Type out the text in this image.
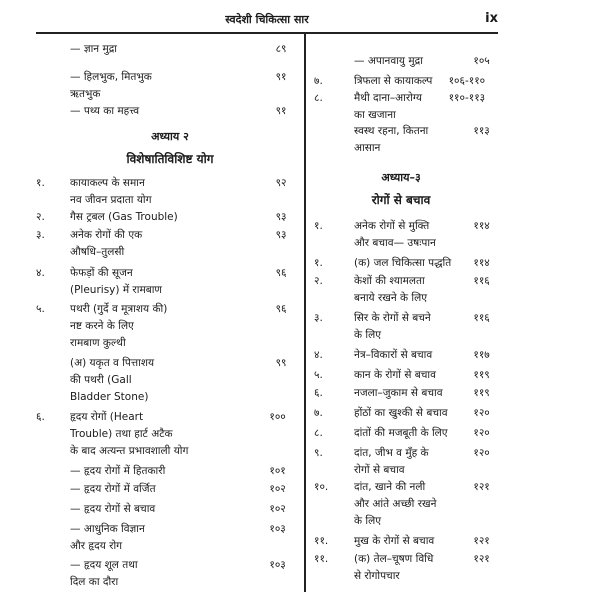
स्वदेशी चिकित्सा सार	ix
— ज्ञान मुद्रा	८९
— हिलभुक, मितभुक
ऋतभुक
९१
— पथ्य का महत्त्व	९१
१. कायाकल्प के समान
नव जीवन प्रदाता योग
९२
२. गैस ट्रबल (Gas Trouble)	९३
३. अनेक रोगों की एक
औषधि–तुलसी
९३
४. फेफड़ों की सूजन
(Pleurisy) में रामबाण
९६
५. पथरी (गुर्दे व मूत्राशय की)
नष्ट करने के लिए
रामबाण कुल्थी
९६
(अ) यकृत व पित्ताशय
की पथरी (Gall
Bladder Stone)
९९
६. हृदय रोगों (Heart
Trouble) तथा हार्ट अटैक
के बाद अत्यन्त प्रभावशाली योग
१००
— हृदय रोगों में हितकारी	१०१
— हृदय रोगों में वर्जित	१०२
— हृदय रोगों से बचाव	१०२
— आधुनिक विज्ञान
और हृदय रोग
१०३
— हृदय शूल तथा
दिल का दौरा
१०३
अध्याय २
विशेषातिविशिष्ट योग
— अपानवायु मुद्रा	१०५
७.	त्रिफला से कायाकल्प १०६-११०
८.	मैथी दाना–आरोग्य
का खजाना
११०-११३
स्वस्थ रहना, कितना
आसान
११३
१.	अनेक रोगों से मुक्ति
और बचाव— उषःपान
११४
१.	(क) जल चिकित्सा पद्धति ११४
२.	केशों की श्यामलता
बनाये रखने के लिए
११६
३.	सिर के रोगों से बचने
के लिए
११६
४.	नेत्र–विकारों से बचाव	११७
५.	कान के रोगों से बचाव	११९
६.	नजला–जुकाम से बचाव	११९
७.	होंठों का खुश्की से बचाव १२०
८.	दांतों की मजबूती के लिए १२०
९.	दांत, जीभ व मुँह के
रोगों से बचाव
१२०
१०. दांत, खाने की नली
और आंते अच्छी रखने
के लिए
१२१
११. मुख के रोगों से बचाव	१२१
११. (क) तेल–चूषण विधि
से रोगोपचार
१२१
अध्याय–३
रोगों से बचाव
